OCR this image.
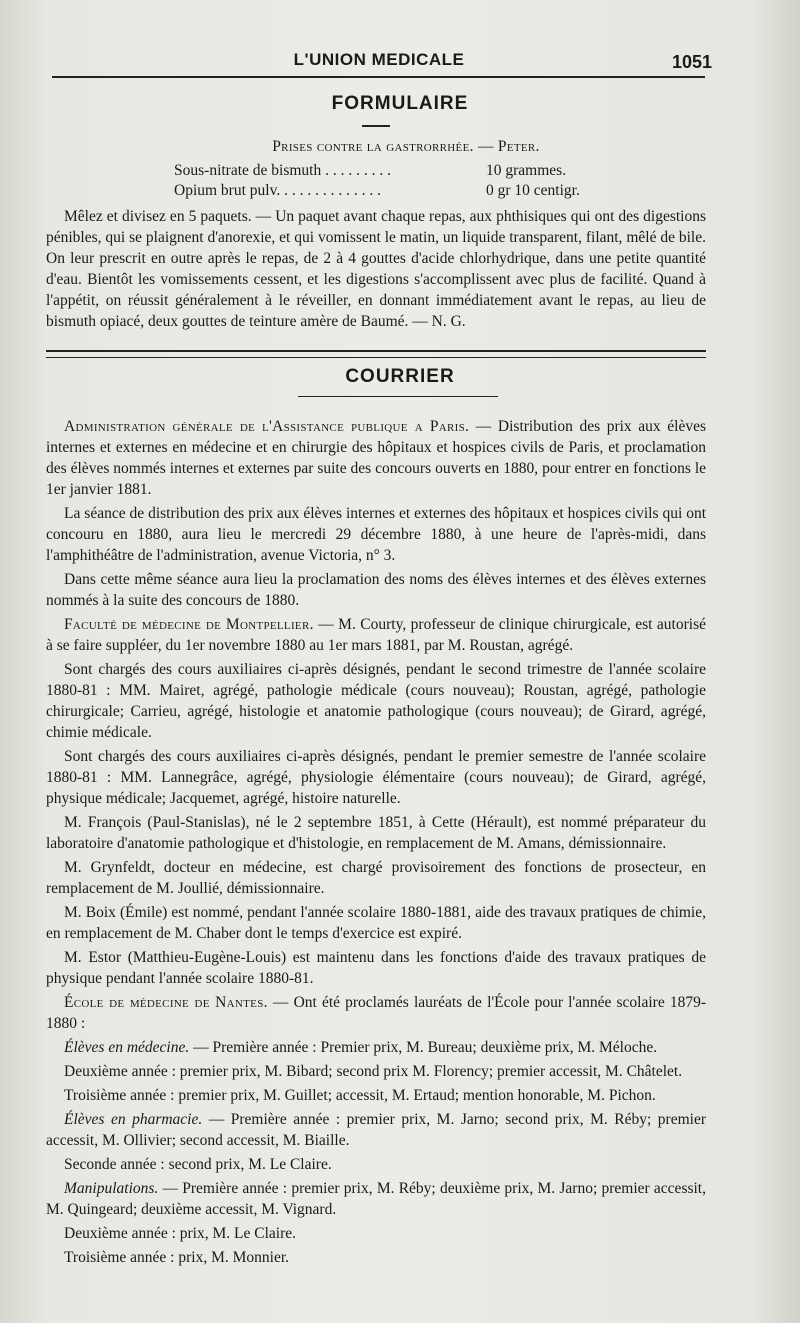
L'UNION MEDICALE	1051
FORMULAIRE
Prises contre la gastrorrhée. — Peter.
Sous-nitrate de bismuth . . . . . . . . .	10 grammes.
Opium brut pulv. . . . . . . . . . . . . .	0 gr 10 centigr.

Mêlez et divisez en 5 paquets. — Un paquet avant chaque repas, aux phthisiques qui ont des digestions pénibles, qui se plaignent d'anorexie, et qui vomissent le matin, un liquide transparent, filant, mêlé de bile. On leur prescrit en outre après le repas, de 2 à 4 gouttes d'acide chlorhydrique, dans une petite quantité d'eau. Bientôt les vomissements cessent, et les digestions s'accomplissent avec plus de facilité. Quand à l'appétit, on réussit généralement à le réveiller, en donnant immédiatement avant le repas, au lieu de bismuth opiacé, deux gouttes de teinture amère de Baumé. — N. G.

COURRIER

Administration générale de l'Assistance publique a Paris. — Distribution des prix aux élèves internes et externes en médecine et en chirurgie des hôpitaux et hospices civils de Paris, et proclamation des élèves nommés internes et externes par suite des concours ouverts en 1880, pour entrer en fonctions le 1er janvier 1881.

La séance de distribution des prix aux élèves internes et externes des hôpitaux et hospices civils qui ont concouru en 1880, aura lieu le mercredi 29 décembre 1880, à une heure de l'après-midi, dans l'amphithéâtre de l'administration, avenue Victoria, n° 3.

Dans cette même séance aura lieu la proclamation des noms des élèves internes et des élèves externes nommés à la suite des concours de 1880.

Faculté de médecine de Montpellier. — M. Courty, professeur de clinique chirurgicale, est autorisé à se faire suppléer, du 1er novembre 1880 au 1er mars 1881, par M. Roustan, agrégé.

Sont chargés des cours auxiliaires ci-après désignés, pendant le second trimestre de l'année scolaire 1880-81 : MM. Mairet, agrégé, pathologie médicale (cours nouveau); Roustan, agrégé, pathologie chirurgicale; Carrieu, agrégé, histologie et anatomie pathologique (cours nouveau); de Girard, agrégé, chimie médicale.

Sont chargés des cours auxiliaires ci-après désignés, pendant le premier semestre de l'année scolaire 1880-81 : MM. Lannegrâce, agrégé, physiologie élémentaire (cours nouveau); de Girard, agrégé, physique médicale; Jacquemet, agrégé, histoire naturelle.

M. François (Paul-Stanislas), né le 2 septembre 1851, à Cette (Hérault), est nommé préparateur du laboratoire d'anatomie pathologique et d'histologie, en remplacement de M. Amans, démissionnaire.

M. Grynfeldt, docteur en médecine, est chargé provisoirement des fonctions de prosecteur, en remplacement de M. Joullié, démissionnaire.

M. Boix (Émile) est nommé, pendant l'année scolaire 1880-1881, aide des travaux pratiques de chimie, en remplacement de M. Chaber dont le temps d'exercice est expiré.

M. Estor (Matthieu-Eugène-Louis) est maintenu dans les fonctions d'aide des travaux pratiques de physique pendant l'année scolaire 1880-81.

École de médecine de Nantes. — Ont été proclamés lauréats de l'École pour l'année scolaire 1879-1880 :

Élèves en médecine. — Première année : Premier prix, M. Bureau; deuxième prix, M. Méloche.

Deuxième année : premier prix, M. Bibard; second prix M. Florency; premier accessit, M. Châtelet.

Troisième année : premier prix, M. Guillet; accessit, M. Ertaud; mention honorable, M. Pichon.

Élèves en pharmacie. — Première année : premier prix, M. Jarno; second prix, M. Réby; premier accessit, M. Ollivier; second accessit, M. Biaille.

Seconde année : second prix, M. Le Claire.

Manipulations. — Première année : premier prix, M. Réby; deuxième prix, M. Jarno; premier accessit, M. Quingeard; deuxième accessit, M. Vignard.

Deuxième année : prix, M. Le Claire.

Troisième année : prix, M. Monnier.
